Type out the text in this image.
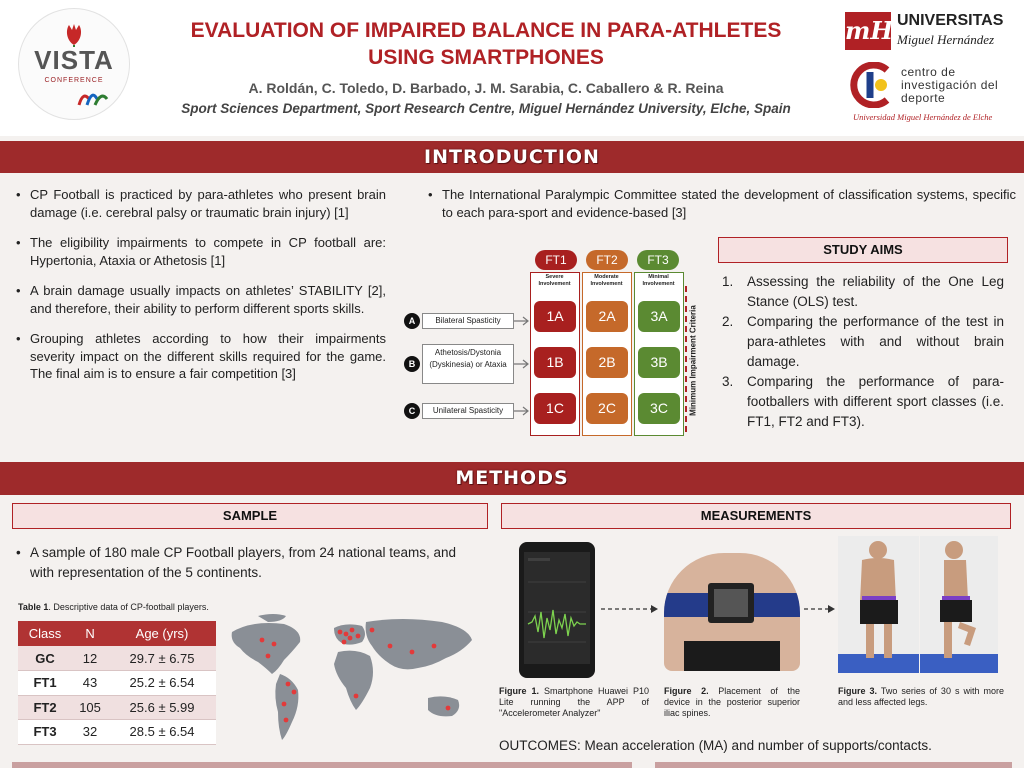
VISTA
CONFERENCE
EVALUATION OF IMPAIRED BALANCE IN PARA-ATHLETES
USING SMARTPHONES
A. Roldán, C. Toledo, D. Barbado, J. M. Sarabia, C. Caballero & R. Reina
Sport Sciences Department, Sport Research Centre, Miguel Hernández University, Elche, Spain
mH UNIVERSITAS
Miguel Hernández
centro de
investigación del
deporte
Universidad Miguel Hernández de Elche
INTRODUCTION
• CP Football is practiced by para-athletes who present brain damage (i.e. cerebral palsy or traumatic brain injury) [1]
• The eligibility impairments to compete in CP football are: Hypertonia, Ataxia or Athetosis [1]
• A brain damage usually impacts on athletes’ STABILITY [2], and therefore, their ability to perform different sports skills.
• Grouping athletes according to how their impairments severity impact on the different skills required for the game. The final aim is to ensure a fair competition [3]
• The International Paralympic Committee stated the development of classification systems, specific to each para-sport and evidence-based [3]
FT1	FT2	FT3
Severe Involvement
1A
1B
1C
Moderate Involvement
2A
2B
2C
Minimal Involvement
3A
3B
3C	Minimum Impairment Criteria
A	Bilateral Spasticity
B
Athetosis/Dystonia (Dyskinesia) or Ataxia
C	Unilateral Spasticity
STUDY AIMS
1. Assessing the reliability of the One Leg Stance (OLS) test.
2. Comparing the performance of the test in para-athletes with and without brain damage.
3. Comparing the performance of para-footballers with different sport classes (i.e. FT1, FT2 and FT3).
METHODS
SAMPLE	MEASUREMENTS
• A sample of 180 male CP Football players, from 24 national teams, and with representation of the 5 continents.
Table 1. Descriptive data of CP-football players.
Class	N	Age (yrs)
GC	12	29.7 ± 6.75
FT1	43	25.2 ± 6.54
FT2	105	25.6 ± 5.99
FT3	32	28.5 ± 6.54
Figure 1. Smartphone Huawei P10 Lite running the APP of "Accelerometer Analyzer"
Figure 2. Placement of the device in the posterior superior iliac spines.
Figure 3. Two series of 30 s with more and less affected legs.
OUTCOMES: Mean acceleration (MA) and number of supports/contacts.
